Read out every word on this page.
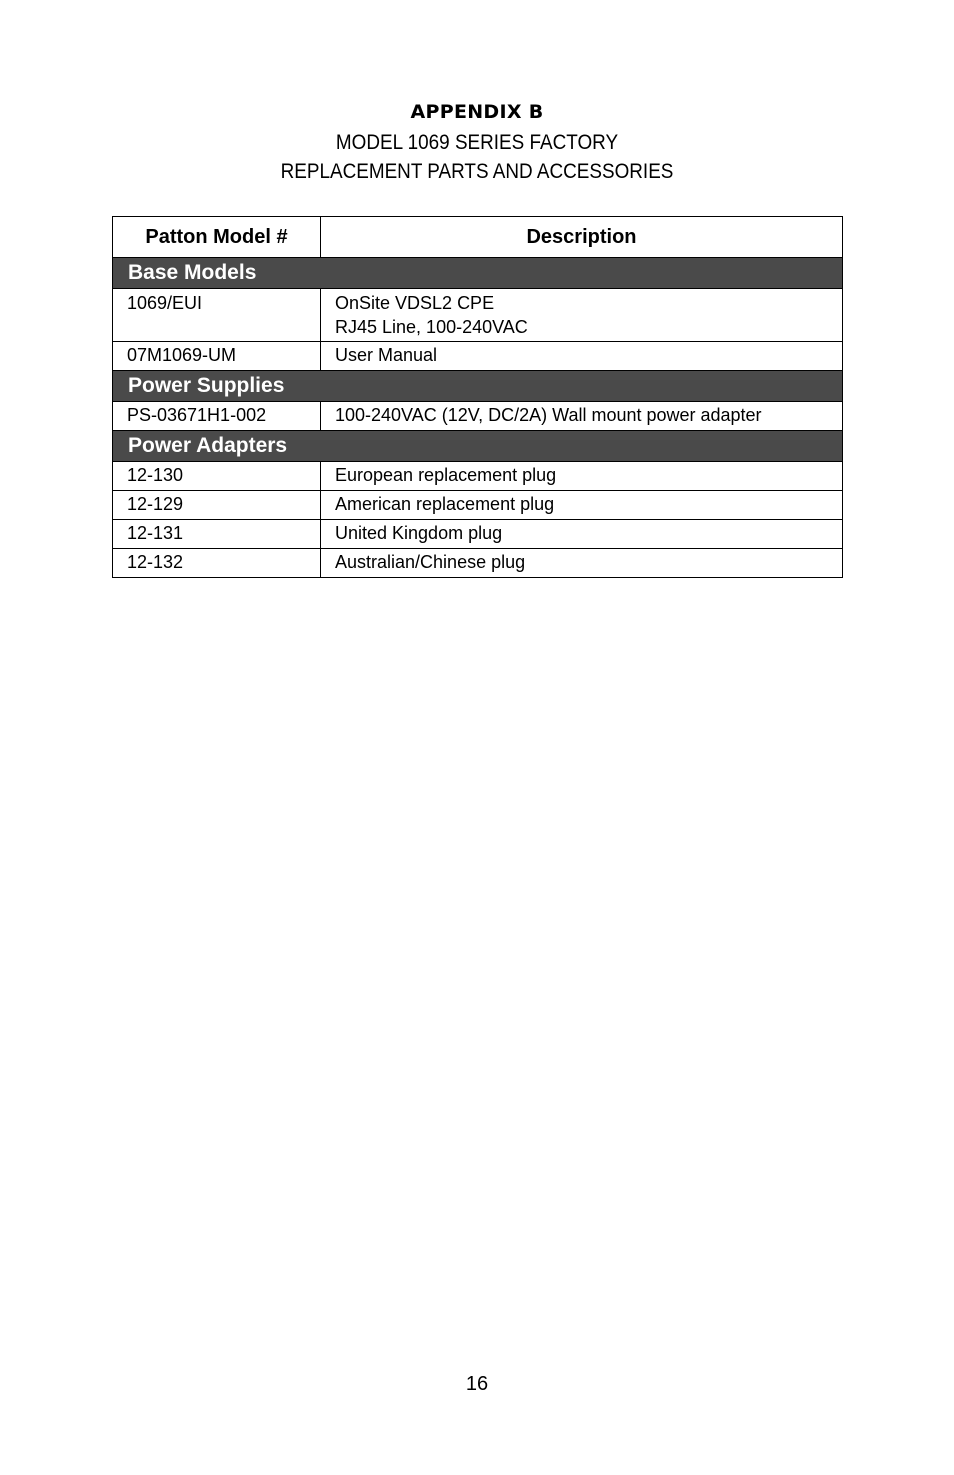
APPENDIX B
MODEL 1069 SERIES FACTORY
REPLACEMENT PARTS AND ACCESSORIES
Patton Model #	Description
Base Models	
1069/EUI	OnSite VDSL2 CPE
RJ45 Line, 100-240VAC

07M1069-UM	User Manual
Power Supplies	
PS-03671H1-002	100-240VAC (12V, DC/2A) Wall mount power adapter
Power Adapters	
12-130	European replacement plug
12-129	American replacement plug
12-131	United Kingdom plug
12-132	Australian/Chinese plug
16
